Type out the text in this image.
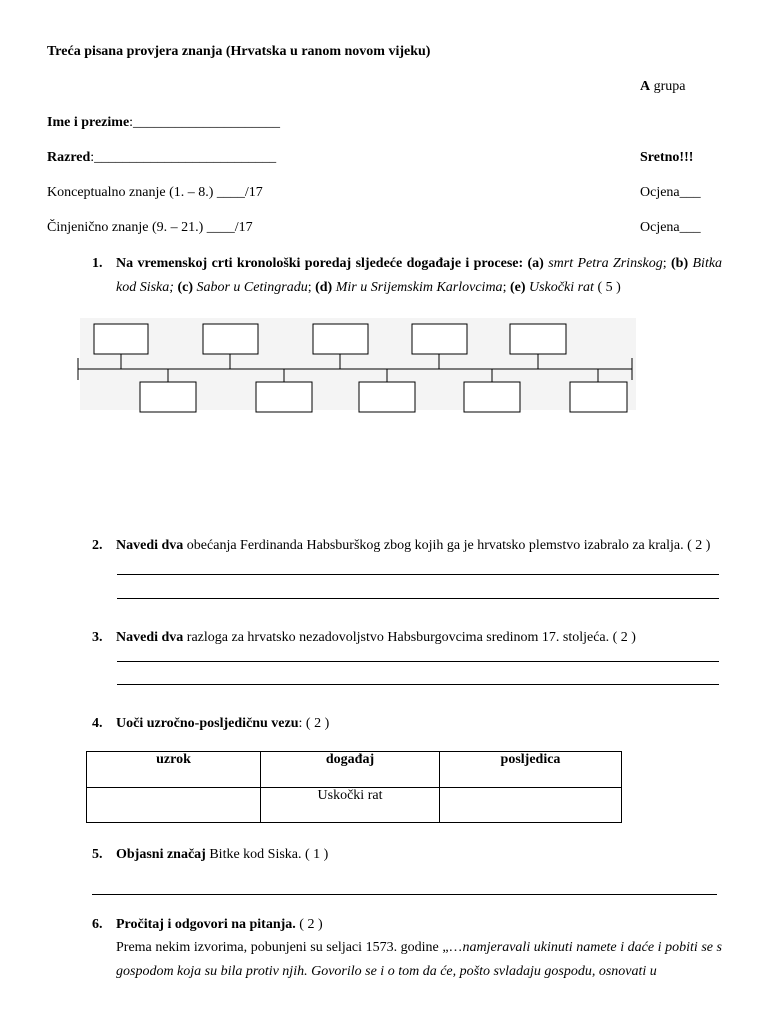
Treća pisana provjera znanja (Hrvatska u ranom novom vijeku)
A grupa
Ime i prezime:_____________________
Razred:__________________________	Sretno!!!
Konceptualno znanje (1. – 8.) ____/17	Ocjena___
Činjenično znanje (9. – 21.) ____/17	Ocjena___
1. Na vremenskoj crti kronološki poredaj sljedeće događaje i procese: (a) smrt Petra Zrinskog; (b) Bitka kod Siska; (c) Sabor u Cetingradu; (d) Mir u Srijemskim Karlovcima; (e) Uskočki rat ( 5 )
2. Navedi dva obećanja Ferdinanda Habsburškog zbog kojih ga je hrvatsko plemstvo izabralo za kralja. ( 2 )
3. Navedi dva razloga za hrvatsko nezadovoljstvo Habsburgovcima sredinom 17. stoljeća. ( 2 )
4. Uoči uzročno-posljedičnu vezu: ( 2 )
uzrok	događaj	posljedica
	Uskočki rat	
5. Objasni značaj Bitke kod Siska. ( 1 )
6. Pročitaj i odgovori na pitanja. ( 2 )
Prema nekim izvorima, pobunjeni su seljaci 1573. godine „…namjeravali ukinuti namete i daće i pobiti se s gospodom koja su bila protiv njih. Govorilo se i o tom da će, pošto svladaju gospodu, osnovati u
